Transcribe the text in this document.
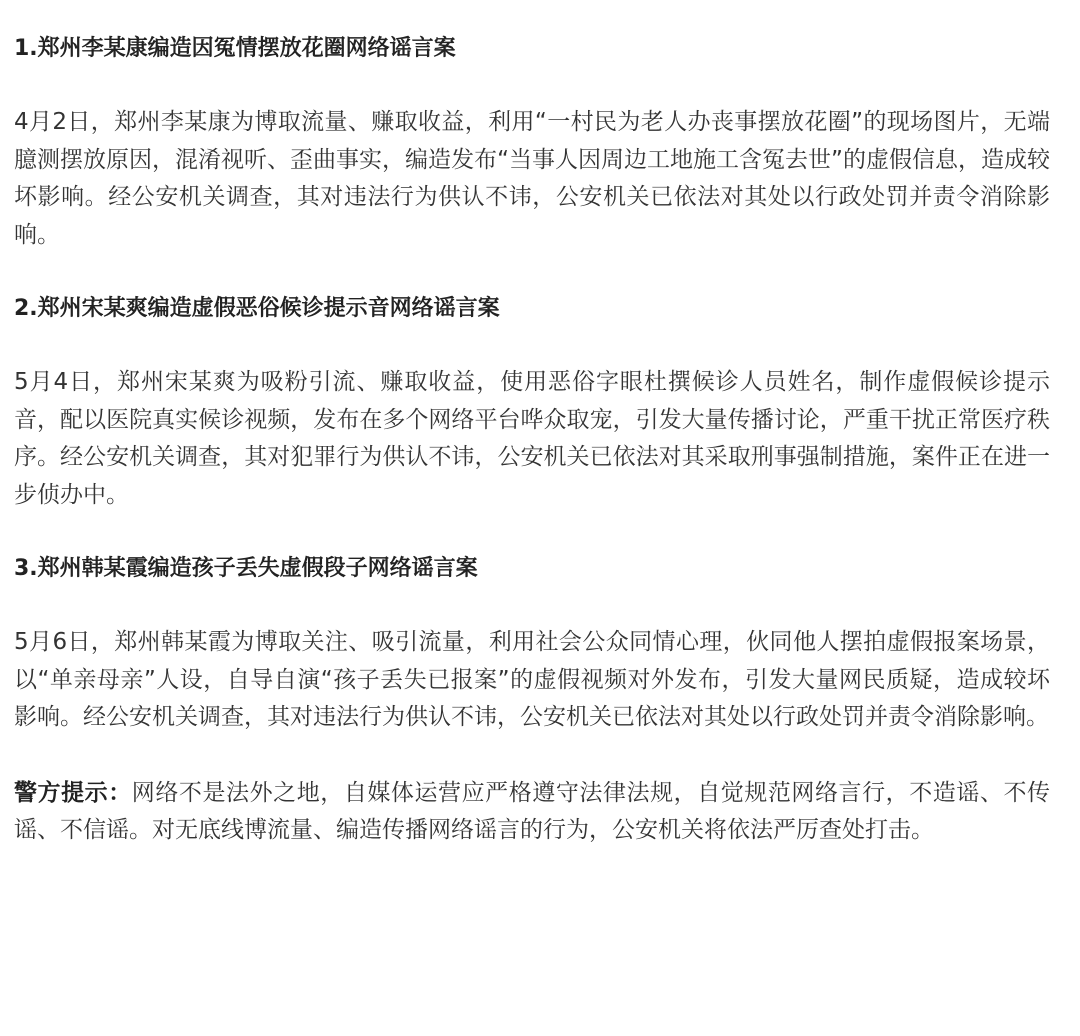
1.郑州李某康编造因冤情摆放花圈网络谣言案

4月2日，郑州李某康为博取流量、赚取收益，利用“一村民为老人办丧事摆放花圈”的现场图片，无端臆测摆放原因，混淆视听、歪曲事实，编造发布“当事人因周边工地施工含冤去世”的虚假信息，造成较坏影响。经公安机关调查，其对违法行为供认不讳，公安机关已依法对其处以行政处罚并责令消除影响。

2.郑州宋某爽编造虚假恶俗候诊提示音网络谣言案

5月4日，郑州宋某爽为吸粉引流、赚取收益，使用恶俗字眼杜撰候诊人员姓名，制作虚假候诊提示音，配以医院真实候诊视频，发布在多个网络平台哗众取宠，引发大量传播讨论，严重干扰正常医疗秩序。经公安机关调查，其对犯罪行为供认不讳，公安机关已依法对其采取刑事强制措施，案件正在进一步侦办中。

3.郑州韩某霞编造孩子丢失虚假段子网络谣言案

5月6日，郑州韩某霞为博取关注、吸引流量，利用社会公众同情心理，伙同他人摆拍虚假报案场景，以“单亲母亲”人设，自导自演“孩子丢失已报案”的虚假视频对外发布，引发大量网民质疑，造成较坏影响。经公安机关调查，其对违法行为供认不讳，公安机关已依法对其处以行政处罚并责令消除影响。

警方提示：网络不是法外之地，自媒体运营应严格遵守法律法规，自觉规范网络言行，不造谣、不传谣、不信谣。对无底线博流量、编造传播网络谣言的行为，公安机关将依法严厉查处打击。
